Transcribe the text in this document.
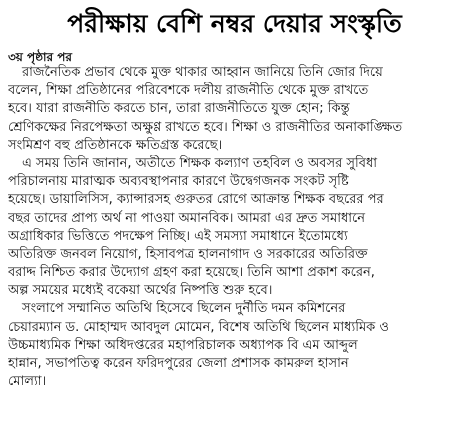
পরীক্ষায় বেশি নম্বর দেয়ার সংস্কৃতি
৩য় পৃষ্ঠার পর
রাজনৈতিক প্রভাব থেকে মুক্ত থাকার আহ্বান জানিয়ে তিনি জোর দিয়ে
বলেন, শিক্ষা প্রতিষ্ঠানের পরিবেশকে দলীয় রাজনীতি থেকে মুক্ত রাখতে
হবে। যারা রাজনীতি করতে চান, তারা রাজনীতিতে যুক্ত হোন; কিন্তু
শ্রেণিকক্ষের নিরপেক্ষতা অক্ষুণ্ণ রাখতে হবে। শিক্ষা ও রাজনীতির অনাকাঙ্ক্ষিত
সংমিশ্রণ বহু প্রতিষ্ঠানকে ক্ষতিগ্রস্ত করেছে।
এ সময় তিনি জানান, অতীতে শিক্ষক কল্যাণ তহবিল ও অবসর সুবিধা
পরিচালনায় মারাত্মক অব্যবস্থাপনার কারণে উদ্বেগজনক সংকট সৃষ্টি
হয়েছে। ডায়ালিসিস, ক্যান্সারসহ গুরুতর রোগে আক্রান্ত শিক্ষক বছরের পর
বছর তাদের প্রাপ্য অর্থ না পাওয়া অমানবিক। আমরা এর দ্রুত সমাধানে
অগ্রাধিকার ভিত্তিতে পদক্ষেপ নিচ্ছি। এই সমস্যা সমাধানে ইতোমধ্যে
অতিরিক্ত জনবল নিয়োগ, হিসাবপত্র হালনাগাদ ও সরকারের অতিরিক্ত
বরাদ্দ নিশ্চিত করার উদ্যোগ গ্রহণ করা হয়েছে। তিনি আশা প্রকাশ করেন,
অল্প সময়ের মধ্যেই বকেয়া অর্থের নিষ্পত্তি শুরু হবে।
সংলাপে সম্মানিত অতিথি হিসেবে ছিলেন দুর্নীতি দমন কমিশনের
চেয়ারম্যান ড. মোহাম্মদ আবদুল মোমেন, বিশেষ অতিথি ছিলেন মাধ্যমিক ও
উচ্চমাধ্যমিক শিক্ষা অধিদপ্তরের মহাপরিচালক অধ্যাপক বি এম আব্দুল
হান্নান, সভাপতিত্ব করেন ফরিদপুরের জেলা প্রশাসক কামরুল হাসান
মোল্যা।
